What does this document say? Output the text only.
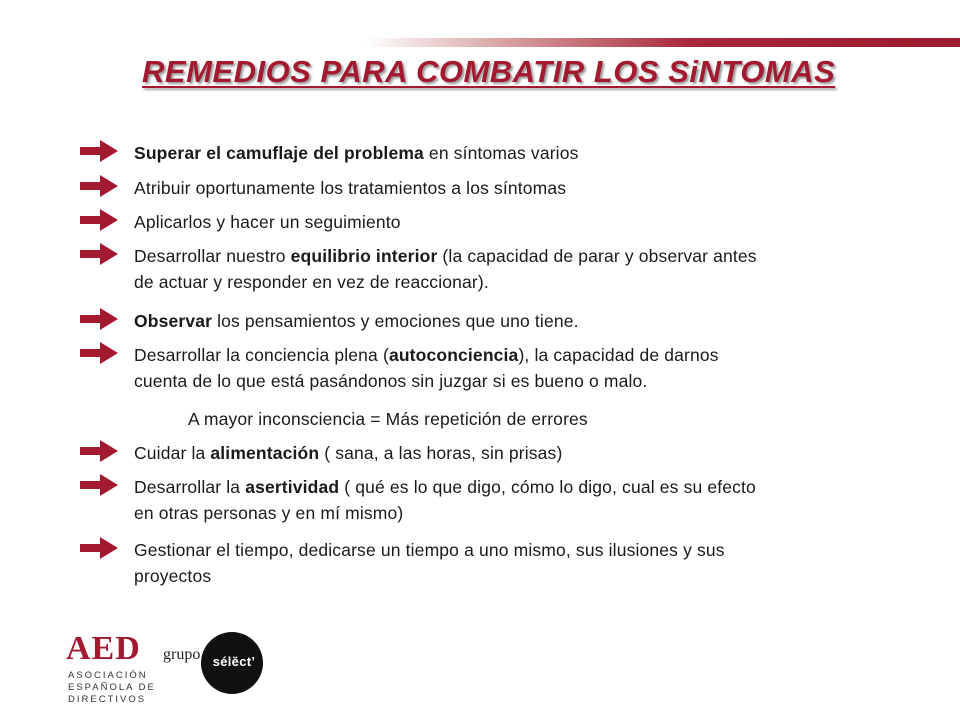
REMEDIOS PARA COMBATIR LOS SiNTOMAS
Superar el camuflaje del problema en síntomas varios
Atribuir oportunamente los tratamientos a los síntomas
Aplicarlos y hacer un seguimiento
Desarrollar nuestro equilibrio interior (la capacidad de parar y observar antes
de actuar y responder en vez de reaccionar).
Observar los pensamientos y emociones que uno tiene.
Desarrollar la conciencia plena (autoconciencia), la capacidad de darnos
cuenta de lo que está pasándonos sin juzgar si es bueno o malo.
A mayor inconsciencia = Más repetición de errores
Cuidar la alimentación ( sana, a las horas, sin prisas)
Desarrollar la asertividad ( qué es lo que digo, cómo lo digo, cual es su efecto
en otras personas y en mí mismo)
Gestionar el tiempo, dedicarse un tiempo a uno mismo, sus ilusiones y sus
proyectos
AED
ASOCIACIÓN
ESPAÑOLA DE
DIRECTIVOS
grupo sélĕct’
